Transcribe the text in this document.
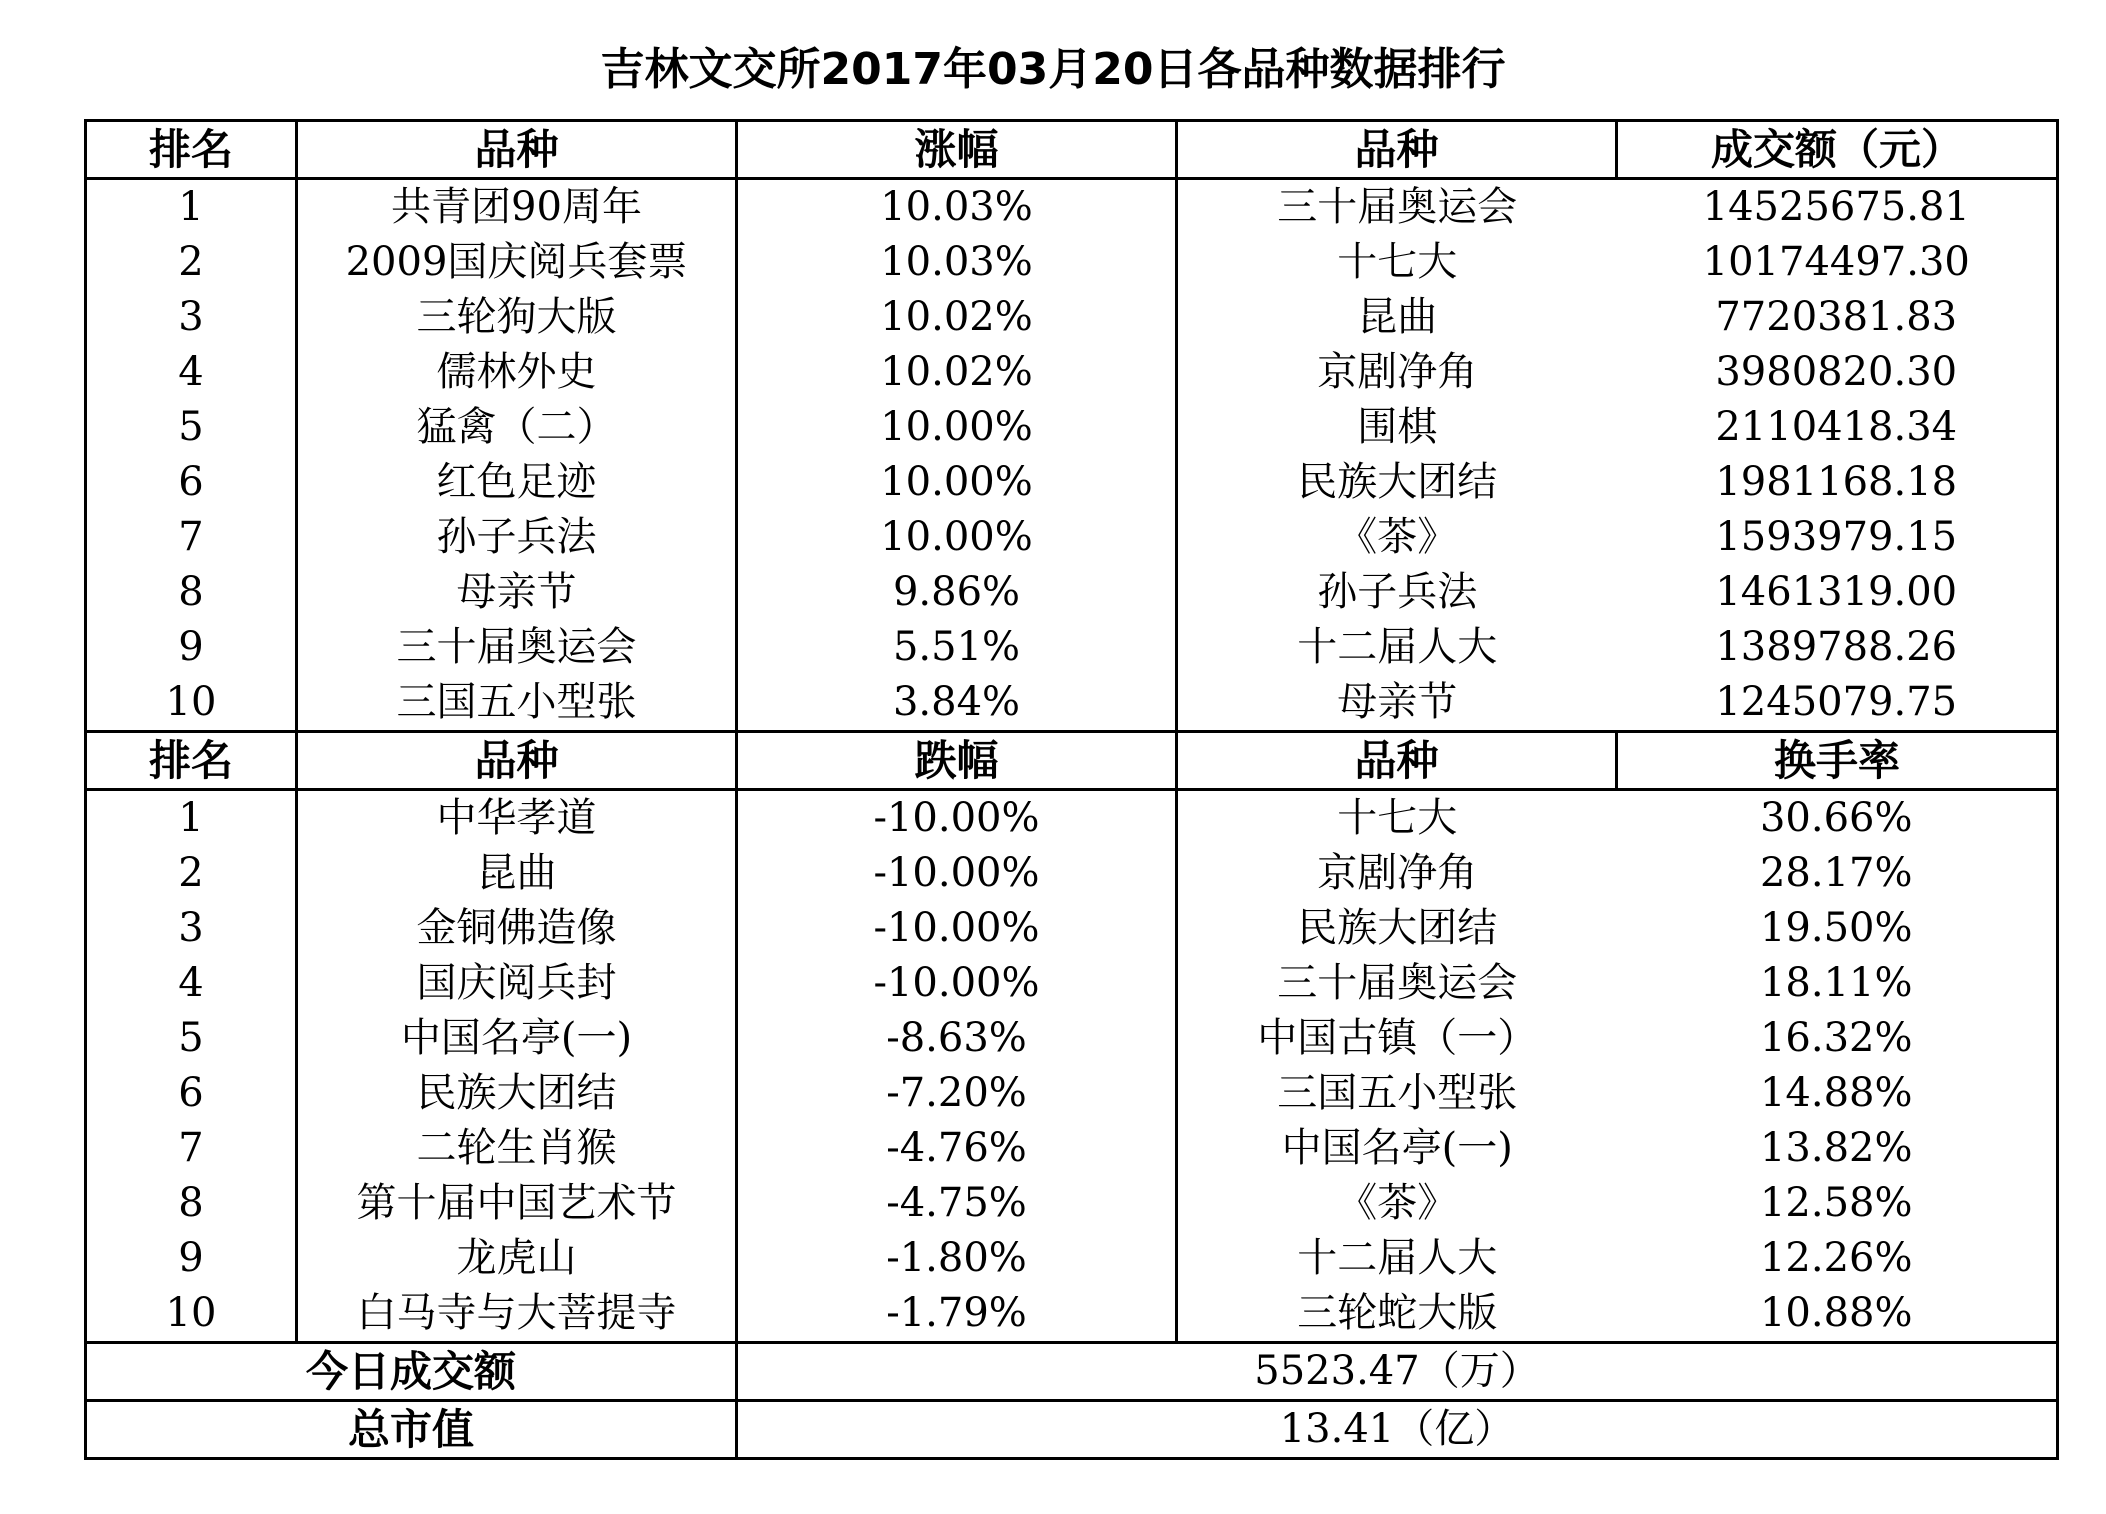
吉林文交所2017年03月20日各品种数据排行
排名	品种	涨幅	品种	成交额（元）
1	共青团90周年	10.03%	三十届奥运会	14525675.81
2	2009国庆阅兵套票	10.03%	十七大	10174497.30
3	三轮狗大版	10.02%	昆曲	7720381.83
4	儒林外史	10.02%	京剧净角	3980820.30
5	猛禽（二）	10.00%	围棋	2110418.34
6	红色足迹	10.00%	民族大团结	1981168.18
7	孙子兵法	10.00%	《茶》	1593979.15
8	母亲节	9.86%	孙子兵法	1461319.00
9	三十届奥运会	5.51%	十二届人大	1389788.26
10	三国五小型张	3.84%	母亲节	1245079.75
排名	品种	跌幅	品种	换手率
1	中华孝道	-10.00%	十七大	30.66%
2	昆曲	-10.00%	京剧净角	28.17%
3	金铜佛造像	-10.00%	民族大团结	19.50%
4	国庆阅兵封	-10.00%	三十届奥运会	18.11%
5	中国名亭(一)	-8.63%	中国古镇（一）	16.32%
6	民族大团结	-7.20%	三国五小型张	14.88%
7	二轮生肖猴	-4.76%	中国名亭(一)	13.82%
8	第十届中国艺术节	-4.75%	《茶》	12.58%
9	龙虎山	-1.80%	十二届人大	12.26%
10	白马寺与大菩提寺	-1.79%	三轮蛇大版	10.88%
今日成交额		5523.47（万）		
总市值		13.41（亿）		
